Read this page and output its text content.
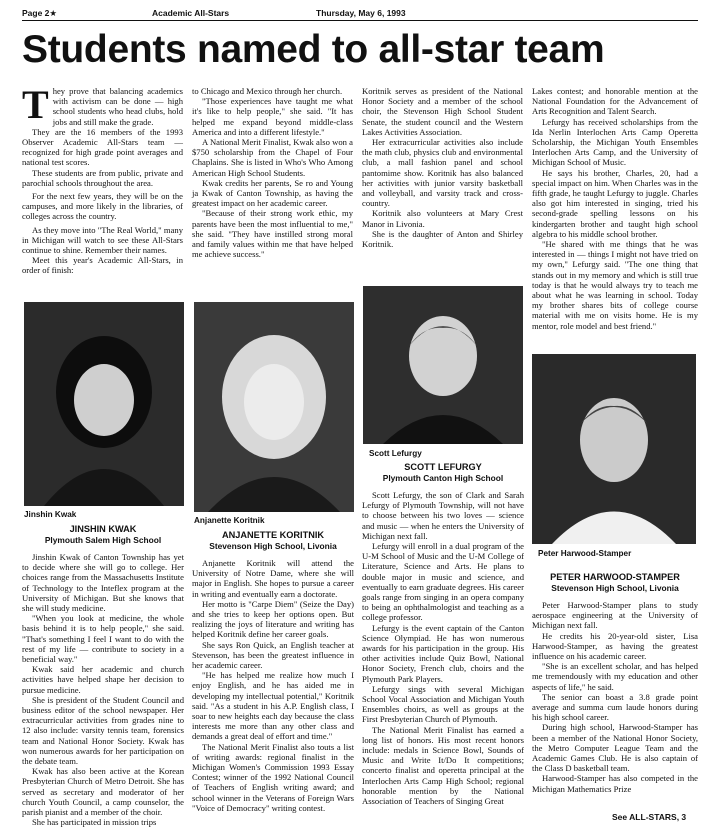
Page 2★	Academic All-Stars	Thursday, May 6, 1993
Students named to all-star team

They prove that balancing academics with activism can be done — high school students who head clubs, hold jobs and still make the grade.

They are the 16 members of the 1993 Observer Academic All-Stars team — recognized for high grade point averages and national test scores.

These students are from public, private and parochial schools throughout the area.

For the next few years, they will be on the campuses, and more likely in the libraries, of colleges across the country.

As they move into "The Real World," many in Michigan will watch to see these All-Stars continue to shine. Remember their names.

Meet this year's Academic All-Stars, in order of finish:

to Chicago and Mexico through her church.

"Those experiences have taught me what it's like to help people," she said. "It has helped me expand beyond middle-class America and into a different lifestyle."

A National Merit Finalist, Kwak also won a $750 scholarship from the Chapel of Four Chaplains. She is listed in Who's Who Among American High School Students.

Kwak credits her parents, Se ro and Young ja Kwak of Canton Township, as having the greatest impact on her academic career.

"Because of their strong work ethic, my parents have been the most influential to me," she said. "They have instilled strong moral and family values within me that have helped me achieve success."

Koritnik serves as president of the National Honor Society and a member of the school choir, the Stevenson High School Student Senate, the student council and the Western Lakes Activities Association.

Her extracurricular activities also include the math club, physics club and environmental club, a mall fashion panel and school pantomime show. Koritnik has also balanced her activities with junior varsity basketball and volleyball, and varsity track and cross-country.

Koritnik also volunteers at Mary Crest Manor in Livonia.

She is the daughter of Anton and Shirley Koritnik.

Lakes contest; and honorable mention at the National Foundation for the Advancement of Arts Recognition and Talent Search.

Lefurgy has received scholarships from the Ida Nerlin Interlochen Arts Camp Operetta Scholarship, the Michigan Youth Ensembles Interlochen Arts Camp, and the University of Michigan School of Music.

He says his brother, Charles, 20, had a special impact on him. When Charles was in the fifth grade, he taught Lefurgy to juggle. Charles also got him interested in singing, tried his second-grade spelling lessons on his kindergarten brother and taught high school algebra to his middle school brother.

"He shared with me things that he was interested in — things I might not have tried on my own," Lefurgy said. "The one thing that stands out in my memory and which is still true today is that he would always try to teach me about what he was learning in school. Today my brother shares bits of college course material with me on visits home. He is my mentor, role model and best friend."

Jinshin Kwak
Anjanette Koritnik
Scott Lefurgy
Peter Harwood-Stamper
JINSHIN KWAK
Plymouth Salem High School	ANJANETTE KORITNIK
Stevenson High School, Livonia
SCOTT LEFURGY
Plymouth Canton High School
PETER HARWOOD-STAMPER
Stevenson High School, Livonia

Jinshin Kwak of Canton Township has yet to decide where she will go to college. Her choices range from the Massachusetts Institute of Technology to the Inteflex program at the University of Michigan. But she knows that she will study medicine.

"When you look at medicine, the whole basis behind it is to help people," she said. "That's something I feel I want to do with the rest of my life — contribute to society in a beneficial way."

Kwak said her academic and church activities have helped shape her decision to pursue medicine.

She is president of the Student Council and business editor of the school newspaper. Her extracurricular activities from grades nine to 12 also include: varsity tennis team, forensics team and National Honor Society. Kwak has won numerous awards for her participation on the debate team.

Kwak has also been active at the Korean Presbyterian Church of Metro Detroit. She has served as secretary and moderator of her church Youth Council, a camp counselor, the parish pianist and a member of the choir.

She has participated in mission trips

Anjanette Koritnik will attend the University of Notre Dame, where she will major in English. She hopes to pursue a career in writing and eventually earn a doctorate.

Her motto is "Carpe Diem" (Seize the Day) and she tries to keep her options open. But realizing the joys of literature and writing has helped Koritnik define her career goals.

She says Ron Quick, an English teacher at Stevenson, has been the greatest influence in her academic career.

"He has helped me realize how much I enjoy English, and he has aided me in developing my intellectual potential," Koritnik said. "As a student in his A.P. English class, I soar to new heights each day because the class interests me more than any other class and demands a great deal of effort and time."

The National Merit Finalist also touts a list of writing awards: regional finalist in the Michigan Women's Commission 1993 Essay Contest; winner of the 1992 National Council of Teachers of English writing award; and school winner in the Veterans of Foreign Wars "Voice of Democracy" writing contest.

Scott Lefurgy, the son of Clark and Sarah Lefurgy of Plymouth Township, will not have to choose between his two loves — science and music — when he enters the University of Michigan next fall.

Lefurgy will enroll in a dual program of the U-M School of Music and the U-M College of Literature, Science and Arts. He plans to double major in music and science, and eventually to earn graduate degrees. His career goals range from singing in an opera company to being an ophthalmologist and teaching as a college professor.

Lefurgy is the event captain of the Canton Science Olympiad. He has won numerous awards for his participation in the group. His other activities include Quiz Bowl, National Honor Society, French club, choirs and the Plymouth Park Players.

Lefurgy sings with several Michigan School Vocal Association and Michigan Youth Ensembles choirs, as well as groups at the First Presbyterian Church of Plymouth.

The National Merit Finalist has earned a long list of honors. His most recent honors include: medals in Science Bowl, Sounds of Music and Write It/Do It competitions; concerto finalist and operetta principal at the Interlochen Arts Camp High School; regional honorable mention by the National Association of Teachers of Singing Great

Peter Harwood-Stamper plans to study aerospace engineering at the University of Michigan next fall.

He credits his 20-year-old sister, Lisa Harwood-Stamper, as having the greatest influence on his academic career.

"She is an excellent scholar, and has helped me tremendously with my education and other aspects of life," he said.

The senior can boast a 3.8 grade point average and summa cum laude honors during his high school career.

During high school, Harwood-Stamper has been a member of the National Honor Society, the Metro Computer League Team and the Academic Games Club. He is also captain of the Class D basketball team.

Harwood-Stamper has also competed in the Michigan Mathematics Prize

See ALL-STARS, 3
